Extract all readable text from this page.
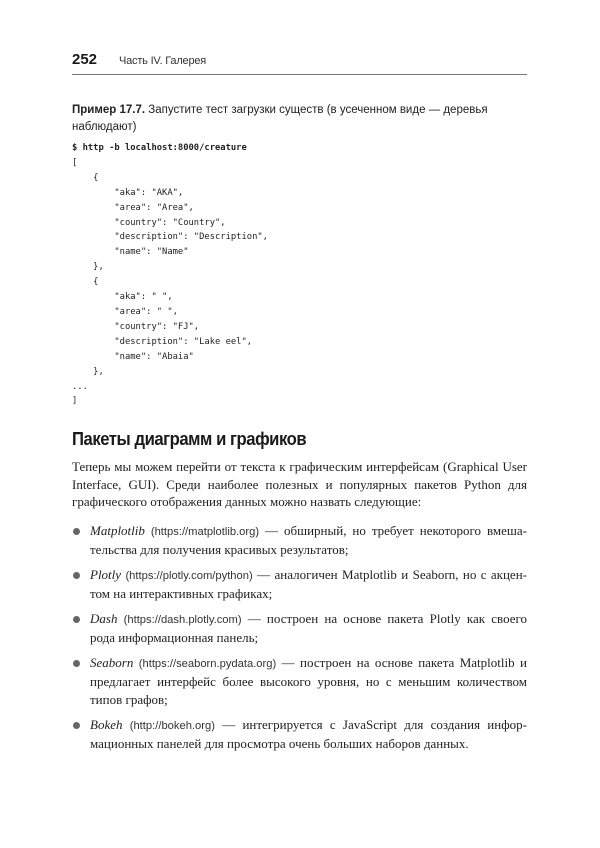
252 Часть IV. Галерея
Пример 17.7. Запустите тест загрузки существ (в усеченном виде — деревья наблюдают)
$ http -b localhost:8000/creature
[
{
"aka": "AKA",
"area": "Area",
"country": "Country",
"description": "Description",
"name": "Name"
},
{
"aka": " ",
"area": " ",
"country": "FJ",
"description": "Lake eel",
"name": "Abaia"
},
...
]
Пакеты диаграмм и графиков

Теперь мы можем перейти от текста к графическим интерфейсам (Graphical User Interface, GUI). Среди наиболее полезных и популярных пакетов Python для графического отображения данных можно назвать следующие:

Matplotlib (https://matplotlib.org) — обширный, но требует некоторого вмешательства для получения красивых результатов;
Plotly (https://plotly.com/python) — аналогичен Matplotlib и Seaborn, но с акцентом на интерактивных графиках;
Dash (https://dash.plotly.com) — построен на основе пакета Plotly как своего рода информационная панель;
Seaborn (https://seaborn.pydata.org) — построен на основе пакета Matplotlib и предлагает интерфейс более высокого уровня, но с меньшим количеством типов графов;
Bokeh (http://bokeh.org) — интегрируется с JavaScript для создания информационных панелей для просмотра очень больших наборов данных.
